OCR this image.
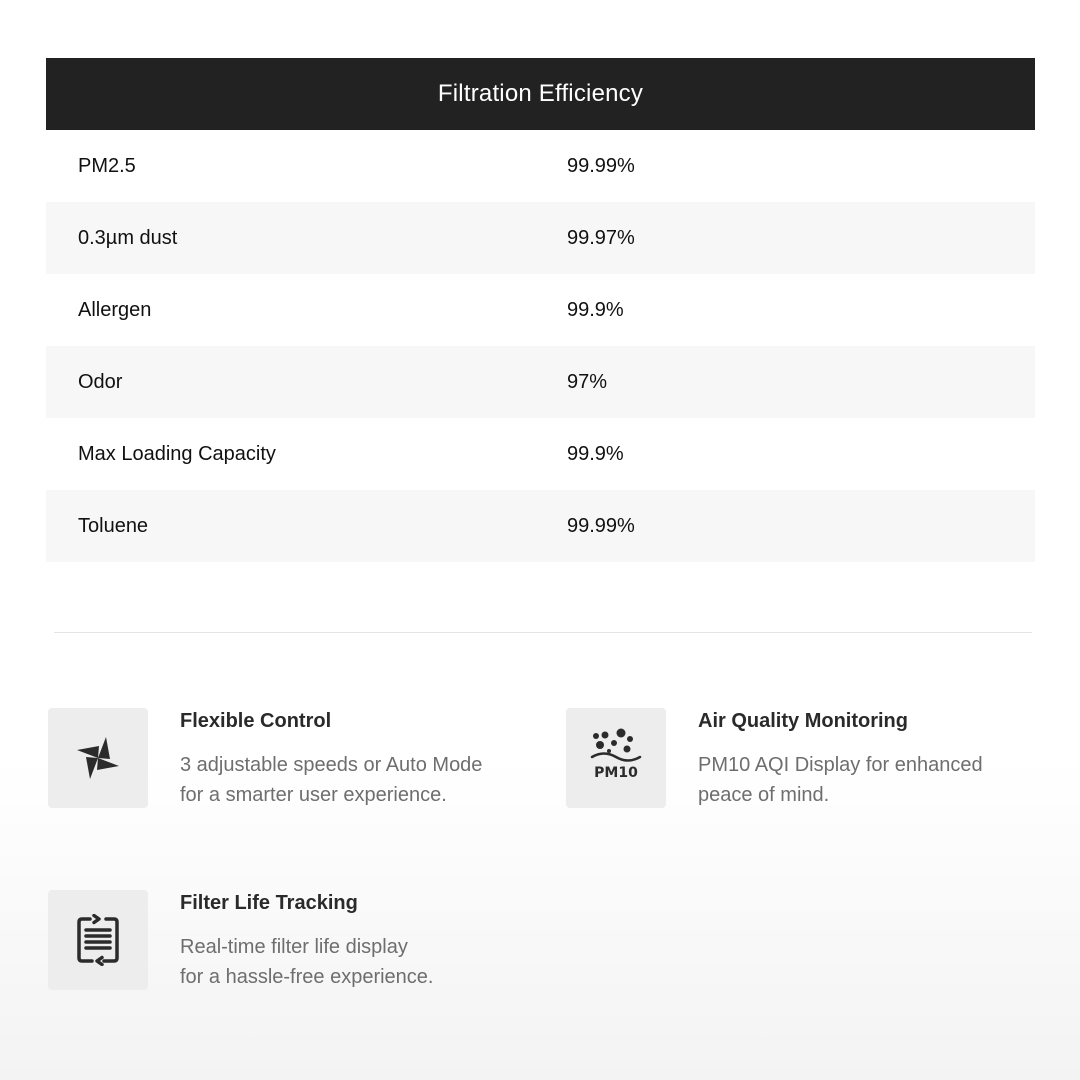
Filtration Efficiency
PM2.5	99.99%
0.3µm dust	99.97%
Allergen	99.9%
Odor	97%
Max Loading Capacity	99.9%
Toluene	99.99%
Flexible Control
3 adjustable speeds or Auto Mode
for a smarter user experience.
PM10
Air Quality Monitoring
PM10 AQI Display for enhanced
peace of mind.
Filter Life Tracking
Real-time filter life display
for a hassle-free experience.
